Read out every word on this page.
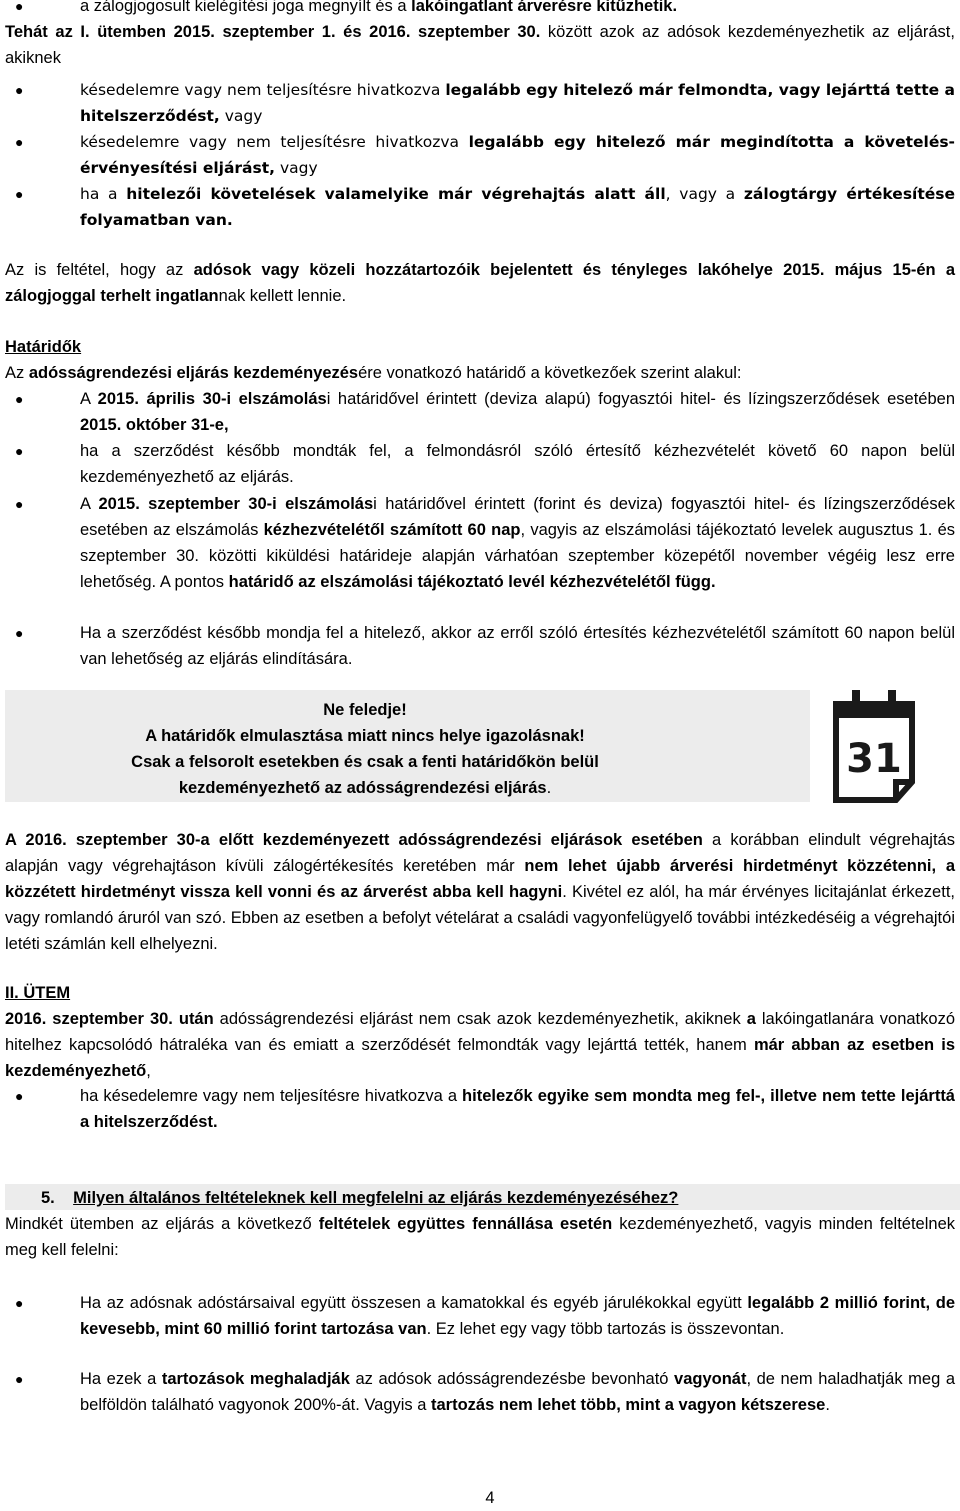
●	a zálogjogosult kielégítési joga megnyílt és a lakóingatlant árverésre kitűzhetik.
Tehát az I. ütemben 2015. szeptember 1. és 2016. szeptember 30. között azok az adósok kezdeményezhetik az eljárást, akiknek
●	késedelemre vagy nem teljesítésre hivatkozva legalább egy hitelező már felmondta, vagy lejárttá tette a hitelszerződést, vagy
●	késedelemre vagy nem teljesítésre hivatkozva legalább egy hitelező már megindította a követelés-érvényesítési eljárást, vagy
●	ha a hitelezői követelések valamelyike már végrehajtás alatt áll, vagy a zálogtárgy értékesítése folyamatban van.
Az is feltétel, hogy az adósok vagy közeli hozzátartozóik bejelentett és tényleges lakóhelye 2015. május 15-én a zálogjoggal terhelt ingatlannak kellett lennie.
Határidők
Az adósságrendezési eljárás kezdeményezésére vonatkozó határidő a következőek szerint alakul:
●	A 2015. április 30-i elszámolási határidővel érintett (deviza alapú) fogyasztói hitel- és lízingszerződések esetében 2015. október 31-e,
●	ha a szerződést később mondták fel, a felmondásról szóló értesítő kézhezvételét követő 60 napon belül kezdeményezhető az eljárás.
●	A 2015. szeptember 30-i elszámolási határidővel érintett (forint és deviza) fogyasztói hitel- és lízingszerződések esetében az elszámolás kézhezvételétől számított 60 nap, vagyis az elszámolási tájékoztató levelek augusztus 1. és szeptember 30. közötti kiküldési határideje alapján várhatóan szeptember közepétől november végéig lesz erre lehetőség. A pontos határidő az elszámolási tájékoztató levél kézhezvételétől függ.
●	Ha a szerződést később mondja fel a hitelező, akkor az erről szóló értesítés kézhezvételétől számított 60 napon belül van lehetőség az eljárás elindítására.
Ne feledje!
A határidők elmulasztása miatt nincs helye igazolásnak!
Csak a felsorolt esetekben és csak a fenti határidőkön belül
kezdeményezhető az adósságrendezési eljárás.
31
A 2016. szeptember 30-a előtt kezdeményezett adósságrendezési eljárások esetében a korábban elindult végrehajtás alapján vagy végrehajtáson kívüli zálogértékesítés keretében már nem lehet újabb árverési hirdetményt közzétenni, a közzétett hirdetményt vissza kell vonni és az árverést abba kell hagyni. Kivétel ez alól, ha már érvényes licitajánlat érkezett, vagy romlandó áruról van szó. Ebben az esetben a befolyt vételárat a családi vagyonfelügyelő további intézkedéséig a végrehajtói letéti számlán kell elhelyezni.
II. ÜTEM
2016. szeptember 30. után adósságrendezési eljárást nem csak azok kezdeményezhetik, akiknek a lakóingatlanára vonatkozó hitelhez kapcsolódó hátralékа van és emiatt a szerződését felmondták vagy lejárttá tették, hanem már abban az esetben is kezdeményezhető,
●	ha késedelemre vagy nem teljesítésre hivatkozva a hitelezők egyike sem mondta meg fel-, illetve nem tette lejárttá a hitelszerződést.
5. Milyen általános feltételeknek kell megfelelni az eljárás kezdeményezéséhez?
Mindkét ütemben az eljárás a következő feltételek együttes fennállása esetén kezdeményezhető, vagyis minden feltételnek meg kell felelni:
●	Ha az adósnak adóstársaival együtt összesen a kamatokkal és egyéb járulékokkal együtt legalább 2 millió forint, de kevesebb, mint 60 millió forint tartozása van. Ez lehet egy vagy több tartozás is összevontan.
●	Ha ezek a tartozások meghaladják az adósok adósságrendezésbe bevonható vagyonát, de nem haladhatják meg a belföldön található vagyonok 200%-át. Vagyis a tartozás nem lehet több, mint a vagyon kétszerese.
4
